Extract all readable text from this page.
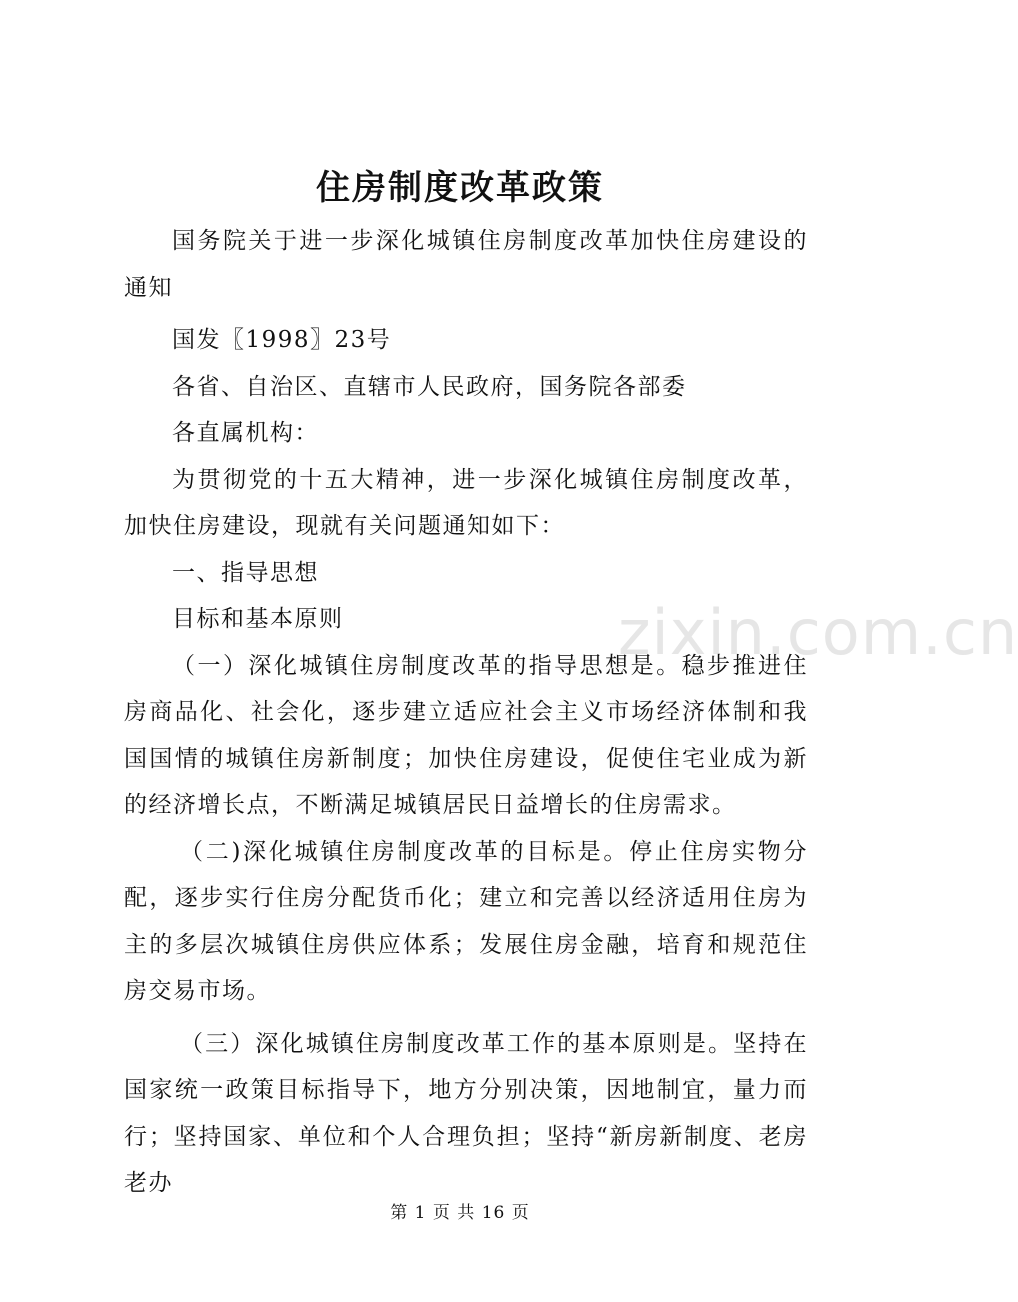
住房制度改革政策

国务院关于进一步深化城镇住房制度改革加快住房建设的通知

国发〖1998〗23号

各省、自治区、直辖市人民政府，国务院各部委

各直属机构：

为贯彻党的十五大精神，进一步深化城镇住房制度改革，加快住房建设，现就有关问题通知如下：

一、指导思想

目标和基本原则

（一）深化城镇住房制度改革的指导思想是。稳步推进住房商品化、社会化，逐步建立适应社会主义市场经济体制和我国国情的城镇住房新制度；加快住房建设，促使住宅业成为新的经济增长点，不断满足城镇居民日益增长的住房需求。

（二)深化城镇住房制度改革的目标是。停止住房实物分配，逐步实行住房分配货币化；建立和完善以经济适用住房为主的多层次城镇住房供应体系；发展住房金融，培育和规范住房交易市场。

（三）深化城镇住房制度改革工作的基本原则是。坚持在国家统一政策目标指导下，地方分别决策，因地制宜，量力而行；坚持国家、单位和个人合理负担；坚持“新房新制度、老房老办

zixin.com.cn
第 1 页 共 16 页
